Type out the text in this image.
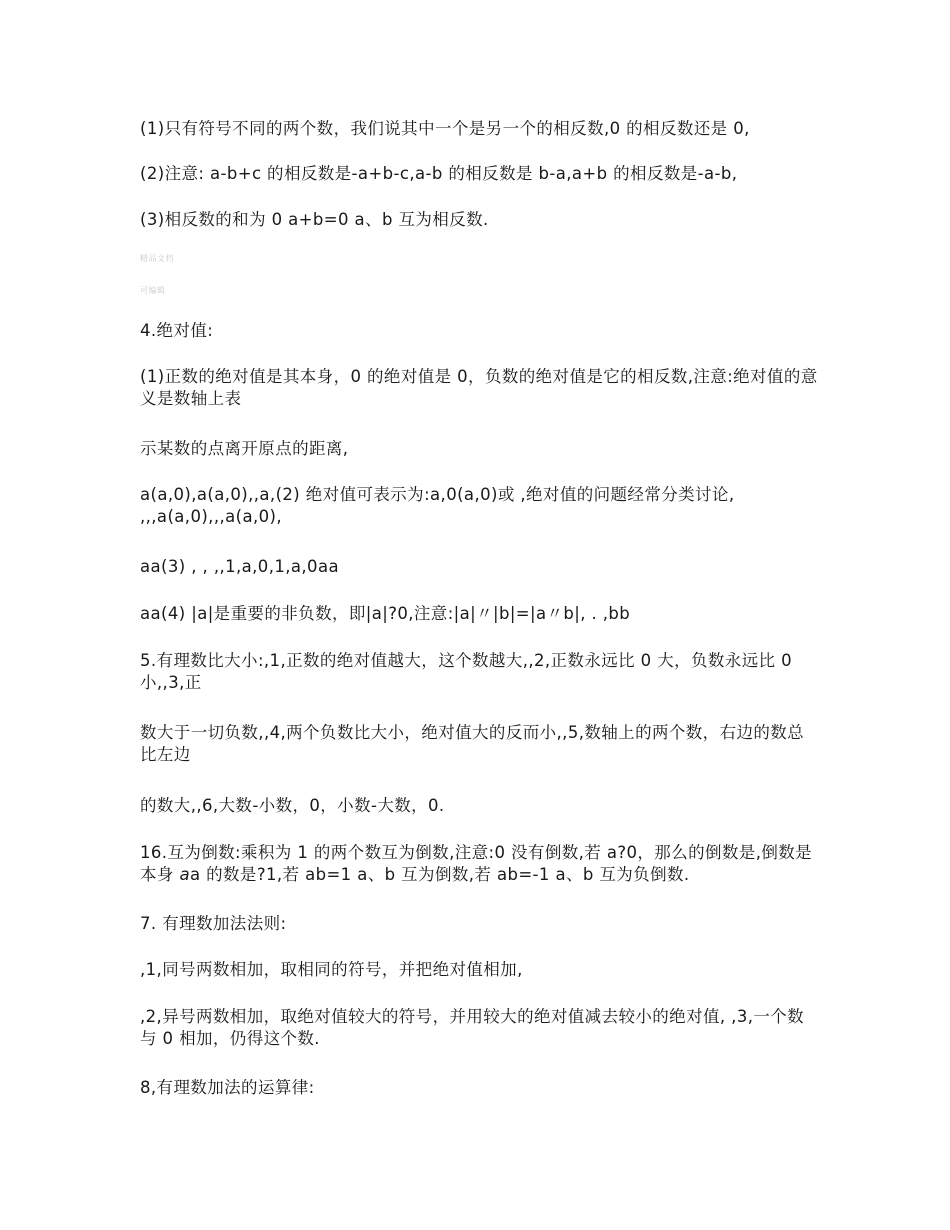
(1)只有符号不同的两个数，我们说其中一个是另一个的相反数,0 的相反数还是 0,

(2)注意: a-b+c 的相反数是-a+b-c,a-b 的相反数是 b-a,a+b 的相反数是-a-b,

(3)相反数的和为 0 a+b=0 a、b 互为相反数.

精品文档

可编辑

4.绝对值:

(1)正数的绝对值是其本身，0 的绝对值是 0，负数的绝对值是它的相反数,注意:绝对值的意义是数轴上表

示某数的点离开原点的距离,

a(a,0),a(a,0),,a,(2) 绝对值可表示为:a,0(a,0)或 ,绝对值的问题经常分类讨论, ,,,a(a,0),,,a(a,0),

aa(3) , , ,,1,a,0,1,a,0aa

aa(4) |a|是重要的非负数，即|a|?0,注意:|a|〃|b|=|a〃b|, . ,bb

5.有理数比大小:,1,正数的绝对值越大，这个数越大,,2,正数永远比 0 大，负数永远比 0 小,,3,正

数大于一切负数,,4,两个负数比大小，绝对值大的反而小,,5,数轴上的两个数，右边的数总比左边

的数大,,6,大数-小数，0，小数-大数，0.

16.互为倒数:乘积为 1 的两个数互为倒数,注意:0 没有倒数,若 a?0，那么的倒数是,倒数是本身 aa 的数是?1,若 ab=1 a、b 互为倒数,若 ab=-1 a、b 互为负倒数.

7. 有理数加法法则:

,1,同号两数相加，取相同的符号，并把绝对值相加,

,2,异号两数相加，取绝对值较大的符号，并用较大的绝对值减去较小的绝对值, ,3,一个数与 0 相加，仍得这个数.

8,有理数加法的运算律:
